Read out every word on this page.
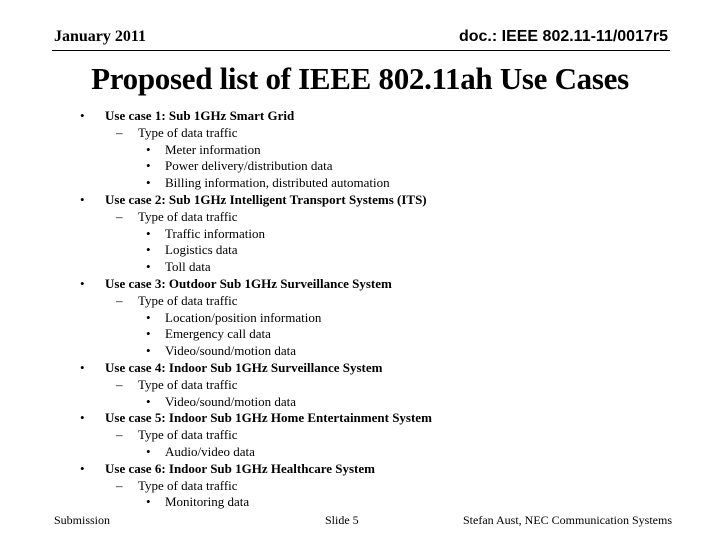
January 2011	doc.: IEEE 802.11-11/0017r5
Proposed list of IEEE 802.11ah Use Cases
• Use case 1: Sub 1GHz Smart Grid
– Type of data traffic
• Meter information
• Power delivery/distribution data
• Billing information, distributed automation
• Use case 2: Sub 1GHz Intelligent Transport Systems (ITS)
– Type of data traffic
• Traffic information
• Logistics data
• Toll data
• Use case 3: Outdoor Sub 1GHz Surveillance System
– Type of data traffic
• Location/position information
• Emergency call data
• Video/sound/motion data
• Use case 4: Indoor Sub 1GHz Surveillance System
– Type of data traffic
• Video/sound/motion data
• Use case 5: Indoor Sub 1GHz Home Entertainment System
– Type of data traffic
• Audio/video data
• Use case 6: Indoor Sub 1GHz Healthcare System
– Type of data traffic
• Monitoring data
Submission	Slide 5	Stefan Aust, NEC Communication Systems
